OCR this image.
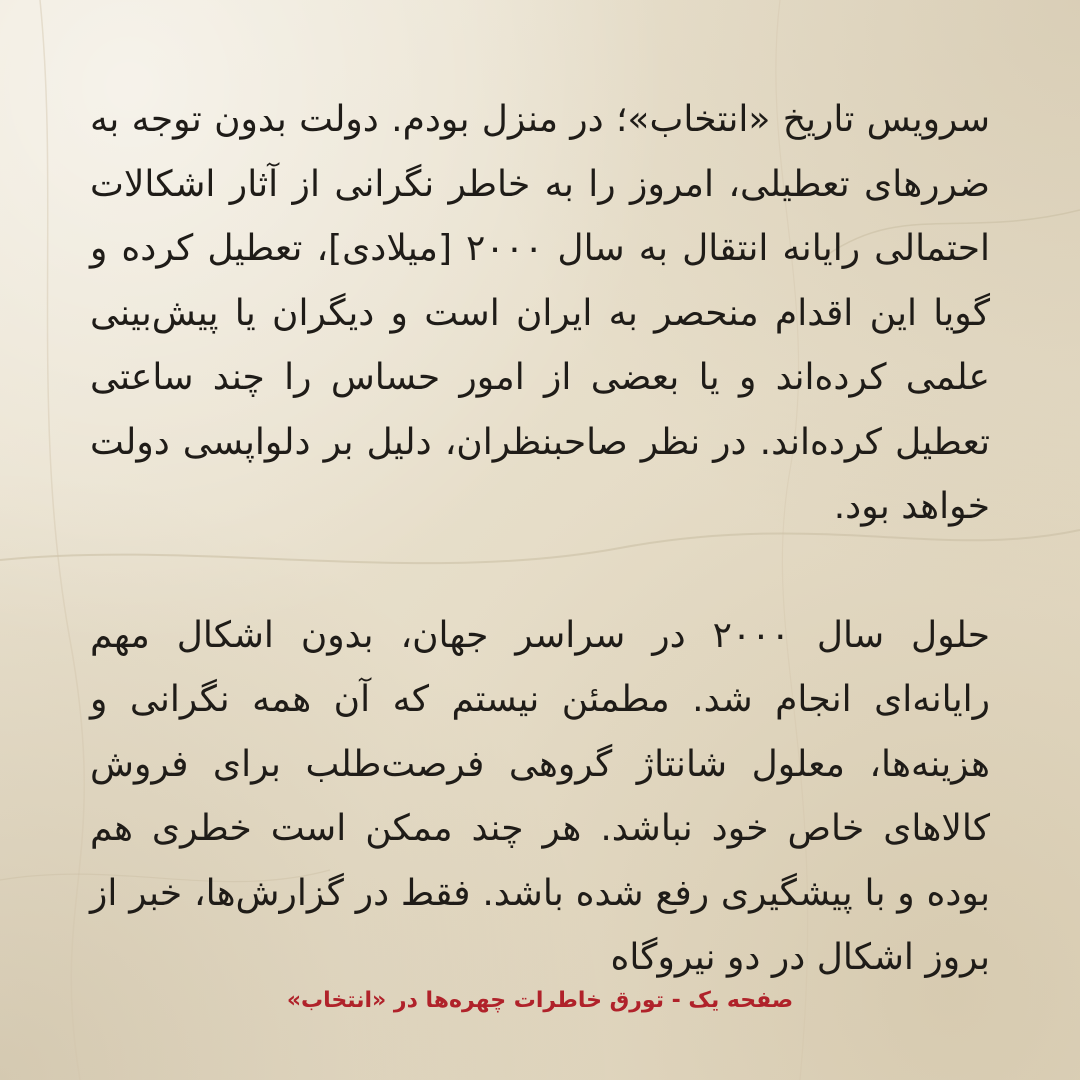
سرویس تاریخ «انتخاب»؛ در منزل بودم. دولت بدون توجه به ضررهای تعطیلی، امروز را به خاطر نگرانی از آثار اشکالات احتمالی رایانه انتقال به سال ۲۰۰۰ [میلادی]، تعطیل کرده و گویا این اقدام منحصر به ایران است و دیگران یا پیش‌بینی علمی کرده‌اند و یا بعضی از امور حساس را چند ساعتی تعطیل کرده‌اند. در نظر صاحبنظران، دلیل بر دلواپسی دولت خواهد بود.

حلول سال ۲۰۰۰ در سراسر جهان، بدون اشکال مهم رایانه‌ای انجام شد. مطمئن نیستم که آن همه نگرانی و هزینه‌ها، معلول شانتاژ گروهی فرصت‌طلب برای فروش کالاهای خاص خود نباشد. هر چند ممکن است خطری هم بوده و با پیشگیری رفع شده باشد. فقط در گزارش‌ها، خبر از بروز اشکال در دو نیروگاه

صفحه یک - تورق خاطرات چهره‌ها در «انتخاب»
